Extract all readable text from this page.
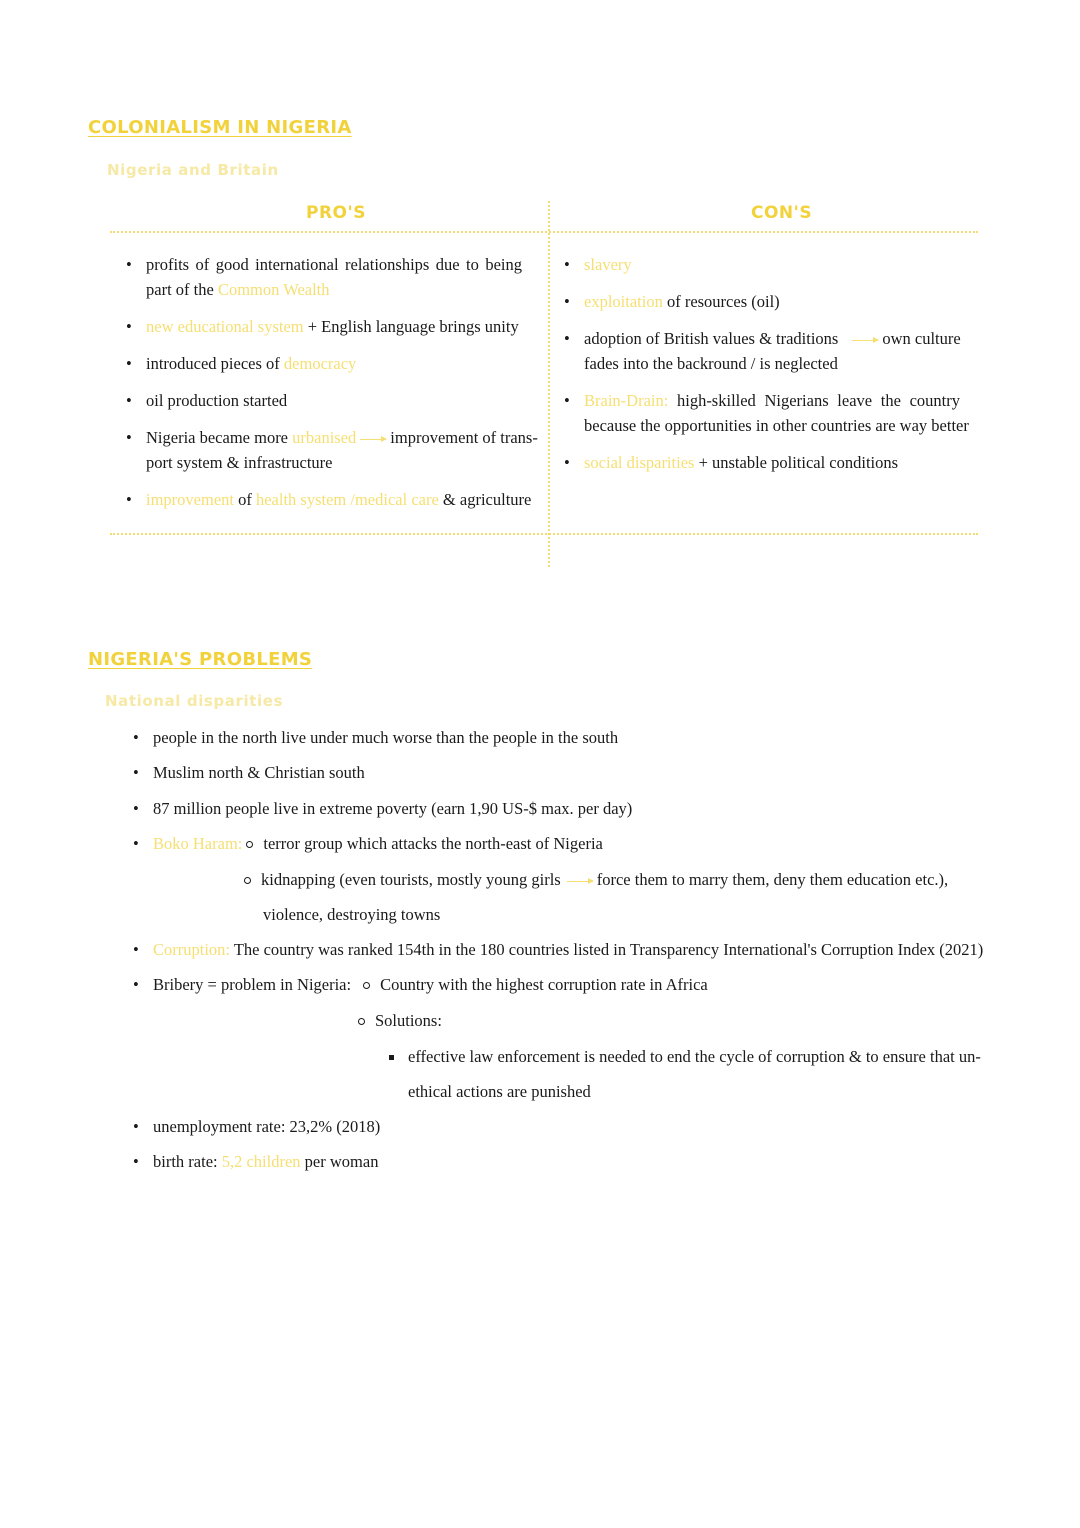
COLONIALISM IN NIGERIA
Nigeria and Britain
PRO'S	CON'S
• profits of good international relationships due to being
part of the Common Wealth
• new educational system + English language brings unity
• introduced pieces of democracy
• oil production started
• Nigeria became more urbanised improvement of trans-
port system & infrastructure
• improvement of health system /medical care & agriculture
• slavery
• exploitation of resources (oil)
• adoption of British values & traditions	own culture
fades into the backround / is neglected
• Brain-Drain: high-skilled Nigerians leave the country
because the opportunities in other countries are way better
• social disparities + unstable political conditions
NIGERIA'S PROBLEMS
National disparities
• people in the north live under much worse than the people in the south
• Muslim north & Christian south
• 87 million people live in extreme poverty (earn 1,90 US-$ max. per day)
• Boko Haram: terror group which attacks the north-east of Nigeria
kidnapping (even tourists, mostly young girls force them to marry them, deny them education etc.),
violence, destroying towns
• Corruption: The country was ranked 154th in the 180 countries listed in Transparency International's Corruption Index (2021)
• Bribery = problem in Nigeria: Country with the highest corruption rate in Africa
Solutions:
effective law enforcement is needed to end the cycle of corruption & to ensure that un-
ethical actions are punished
• unemployment rate: 23,2% (2018)
• birth rate: 5,2 children per woman
